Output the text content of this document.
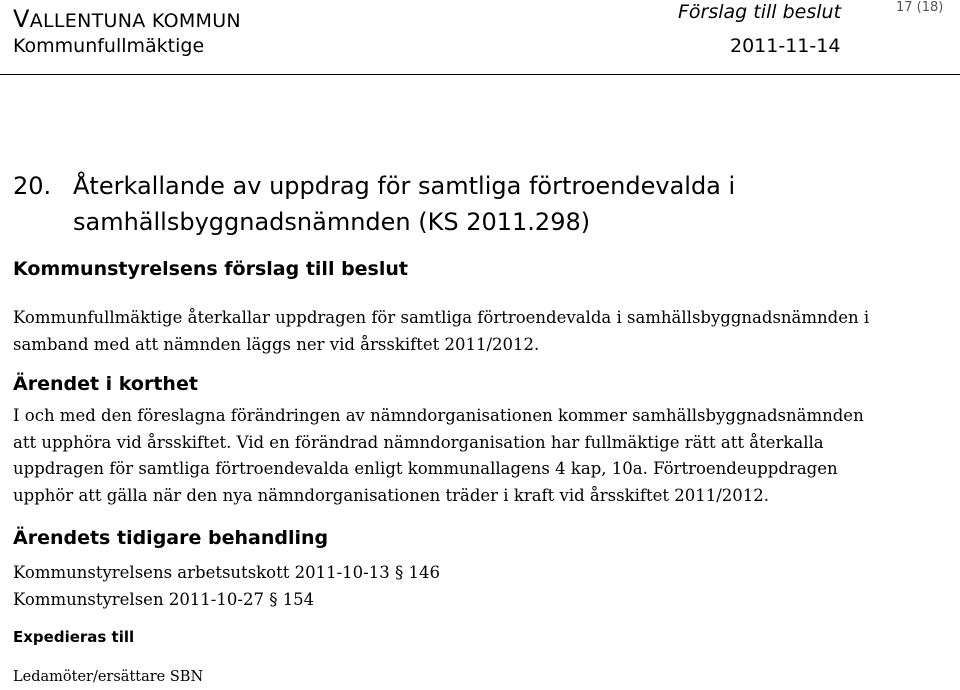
VALLENTUNA KOMMUN
Kommunfullmäktige
Förslag till beslut	17 (18)
2011-11-14
20. Återkallande av uppdrag för samtliga förtroendevalda i
samhällsbyggnadsnämnden (KS 2011.298)
Kommunstyrelsens förslag till beslut
Kommunfullmäktige återkallar uppdragen för samtliga förtroendevalda i samhällsbyggnadsnämnden i
samband med att nämnden läggs ner vid årsskiftet 2011/2012.
Ärendet i korthet
I och med den föreslagna förändringen av nämndorganisationen kommer samhällsbyggnadsnämnden
att upphöra vid årsskiftet. Vid en förändrad nämndorganisation har fullmäktige rätt att återkalla
uppdragen för samtliga förtroendevalda enligt kommunallagens 4 kap, 10a. Förtroendeuppdragen
upphör att gälla när den nya nämndorganisationen träder i kraft vid årsskiftet 2011/2012.
Ärendets tidigare behandling
Kommunstyrelsens arbetsutskott 2011-10-13 § 146
Kommunstyrelsen 2011-10-27 § 154
Expedieras till
Ledamöter/ersättare SBN
